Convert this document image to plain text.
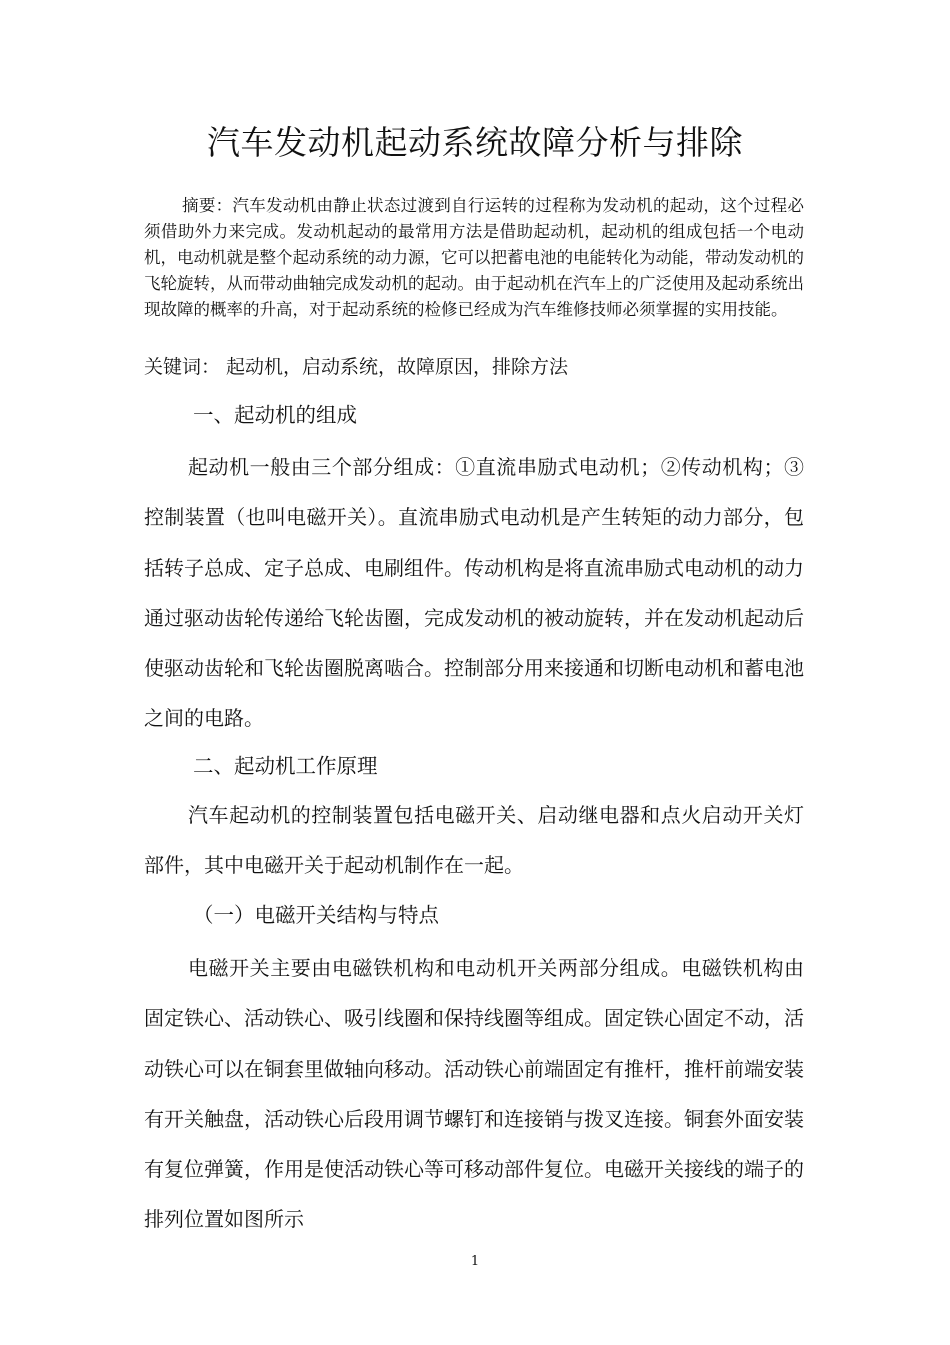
汽车发动机起动系统故障分析与排除

摘要：汽车发动机由静止状态过渡到自行运转的过程称为发动机的起动，这个过程必须借助外力来完成。发动机起动的最常用方法是借助起动机，起动机的组成包括一个电动机，电动机就是整个起动系统的动力源，它可以把蓄电池的电能转化为动能，带动发动机的飞轮旋转，从而带动曲轴完成发动机的起动。由于起动机在汽车上的广泛使用及起动系统出现故障的概率的升高，对于起动系统的检修已经成为汽车维修技师必须掌握的实用技能。

关键词： 起动机，启动系统，故障原因，排除方法

一、起动机的组成

起动机一般由三个部分组成：①直流串励式电动机；②传动机构；③控制装置（也叫电磁开关）。直流串励式电动机是产生转矩的动力部分，包括转子总成、定子总成、电刷组件。传动机构是将直流串励式电动机的动力通过驱动齿轮传递给飞轮齿圈，完成发动机的被动旋转，并在发动机起动后使驱动齿轮和飞轮齿圈脱离啮合。控制部分用来接通和切断电动机和蓄电池之间的电路。

二、起动机工作原理

汽车起动机的控制装置包括电磁开关、启动继电器和点火启动开关灯部件，其中电磁开关于起动机制作在一起。

（一）电磁开关结构与特点

电磁开关主要由电磁铁机构和电动机开关两部分组成。电磁铁机构由固定铁心、活动铁心、吸引线圈和保持线圈等组成。固定铁心固定不动，活动铁心可以在铜套里做轴向移动。活动铁心前端固定有推杆，推杆前端安装有开关触盘，活动铁心后段用调节螺钉和连接销与拨叉连接。铜套外面安装有复位弹簧，作用是使活动铁心等可移动部件复位。电磁开关接线的端子的排列位置如图所示

1
